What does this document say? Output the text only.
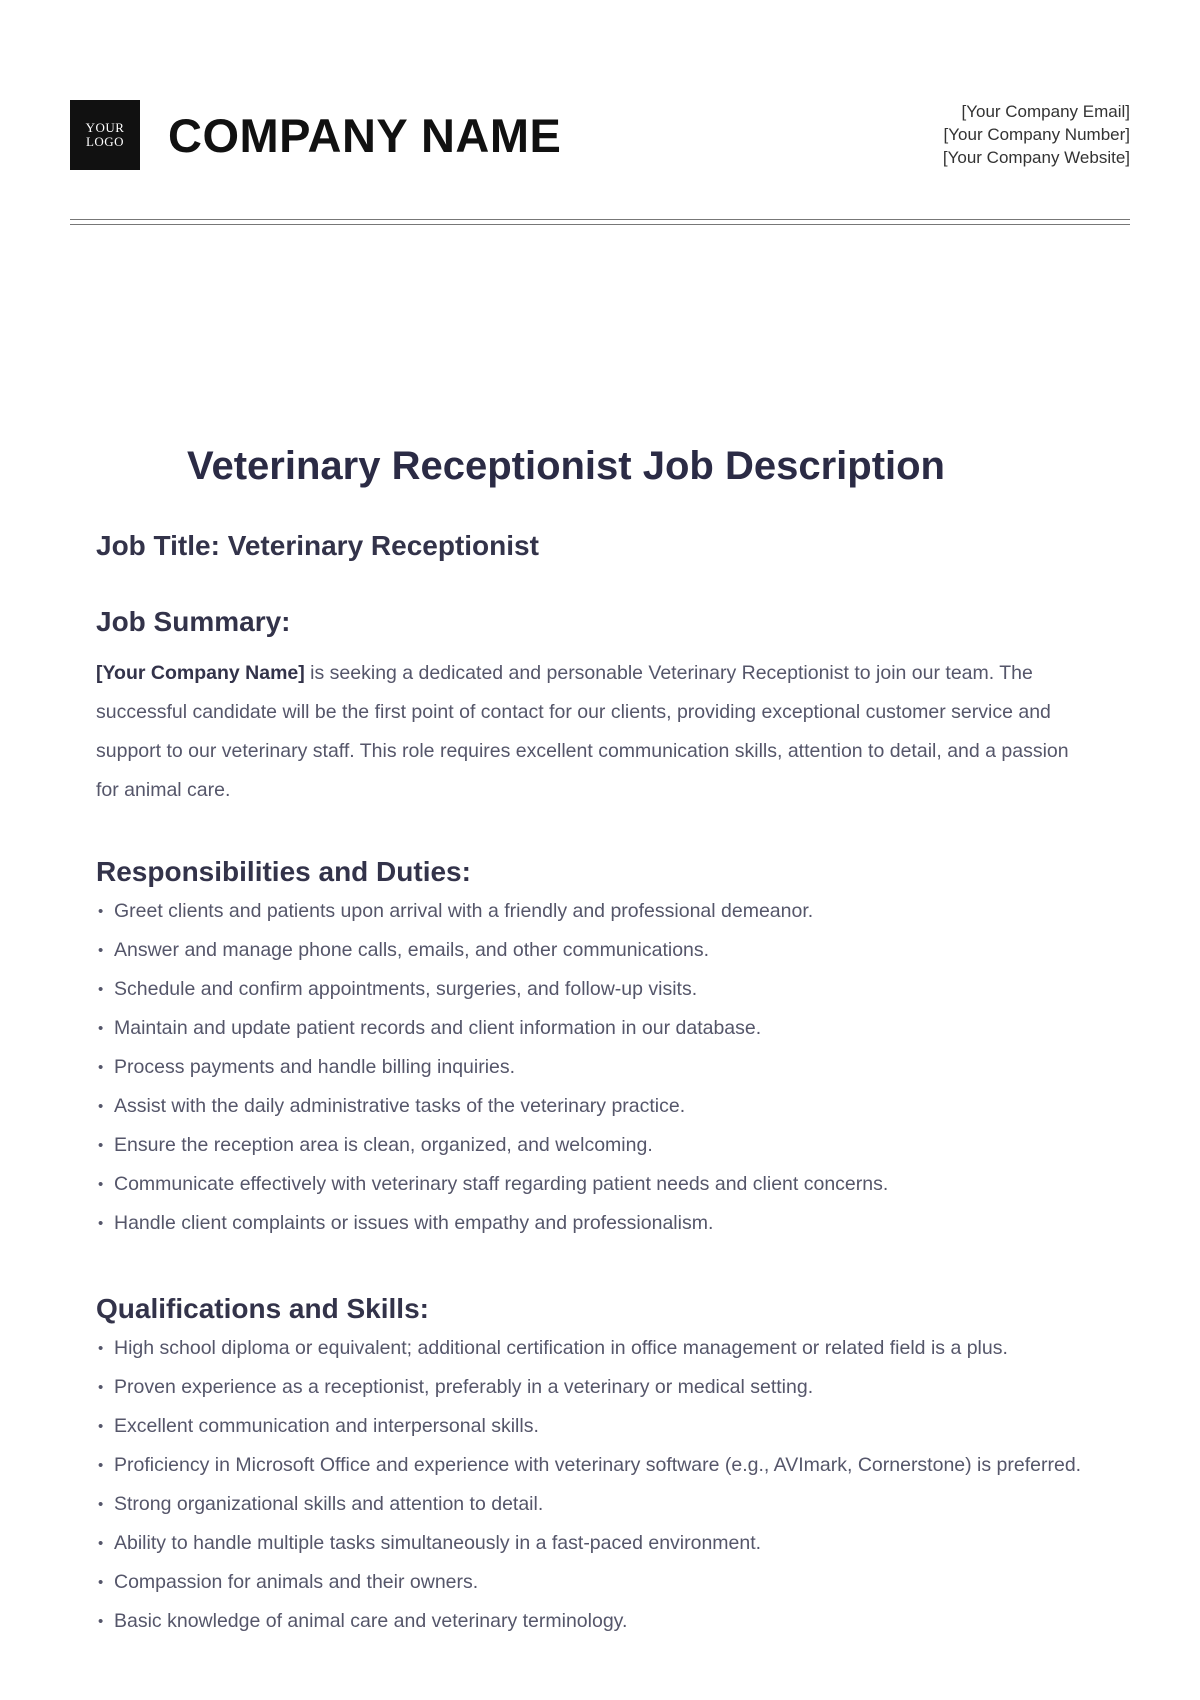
YOUR
LOGO COMPANY NAME	[Your Company Email]
[Your Company Number]
[Your Company Website]
Veterinary Receptionist Job Description
Job Title: Veterinary Receptionist
Job Summary:

[Your Company Name] is seeking a dedicated and personable Veterinary Receptionist to join our team. The successful candidate will be the first point of contact for our clients, providing exceptional customer service and support to our veterinary staff. This role requires excellent communication skills, attention to detail, and a passion for animal care.

Responsibilities and Duties:
• Greet clients and patients upon arrival with a friendly and professional demeanor.
• Answer and manage phone calls, emails, and other communications.
• Schedule and confirm appointments, surgeries, and follow-up visits.
• Maintain and update patient records and client information in our database.
• Process payments and handle billing inquiries.
• Assist with the daily administrative tasks of the veterinary practice.
• Ensure the reception area is clean, organized, and welcoming.
• Communicate effectively with veterinary staff regarding patient needs and client concerns.
• Handle client complaints or issues with empathy and professionalism.
Qualifications and Skills:
• High school diploma or equivalent; additional certification in office management or related field is a plus.
• Proven experience as a receptionist, preferably in a veterinary or medical setting.
• Excellent communication and interpersonal skills.
• Proficiency in Microsoft Office and experience with veterinary software (e.g., AVImark, Cornerstone) is preferred.
• Strong organizational skills and attention to detail.
• Ability to handle multiple tasks simultaneously in a fast-paced environment.
• Compassion for animals and their owners.
• Basic knowledge of animal care and veterinary terminology.
